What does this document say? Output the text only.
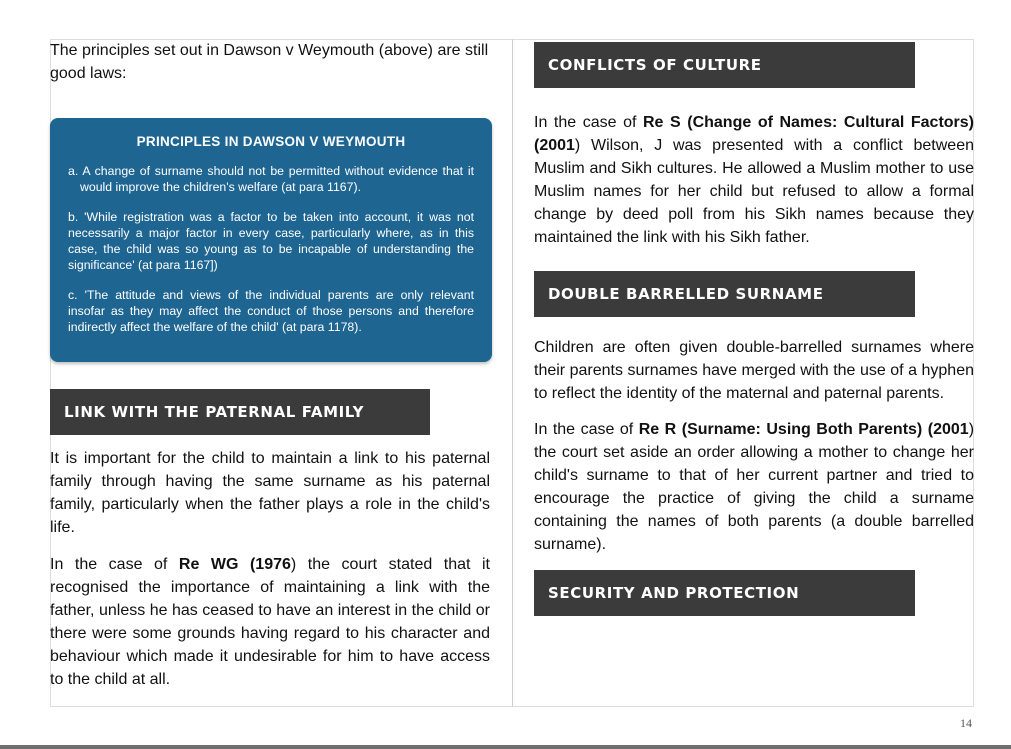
The principles set out in Dawson v Weymouth (above) are still good laws:

PRINCIPLES IN DAWSON V WEYMOUTH
a. A change of surname should not be permitted without evidence that it would improve the children's welfare (at para 1167).
b. 'While registration was a factor to be taken into account, it was not necessarily a major factor in every case, particularly where, as in this case, the child was so young as to be incapable of understanding the significance' (at para 1167])
c. 'The attitude and views of the individual parents are only relevant insofar as they may affect the conduct of those persons and therefore indirectly affect the welfare of the child' (at para 1178).
LINK WITH THE PATERNAL FAMILY

It is important for the child to maintain a link to his paternal family through having the same surname as his paternal family, particularly when the father plays a role in the child's life.

In the case of Re WG (1976) the court stated that it recognised the importance of maintaining a link with the father, unless he has ceased to have an interest in the child or there were some grounds having regard to his character and behaviour which made it undesirable for him to have access to the child at all.

CONFLICTS OF CULTURE

In the case of Re S (Change of Names: Cultural Factors) (2001) Wilson, J was presented with a conflict between Muslim and Sikh cultures. He allowed a Muslim mother to use Muslim names for her child but refused to allow a formal change by deed poll from his Sikh names because they maintained the link with his Sikh father.

DOUBLE BARRELLED SURNAME

Children are often given double-barrelled surnames where their parents surnames have merged with the use of a hyphen to reflect the identity of the maternal and paternal parents.

In the case of Re R (Surname: Using Both Parents) (2001) the court set aside an order allowing a mother to change her child's surname to that of her current partner and tried to encourage the practice of giving the child a surname containing the names of both parents (a double barrelled surname).

SECURITY AND PROTECTION
14
